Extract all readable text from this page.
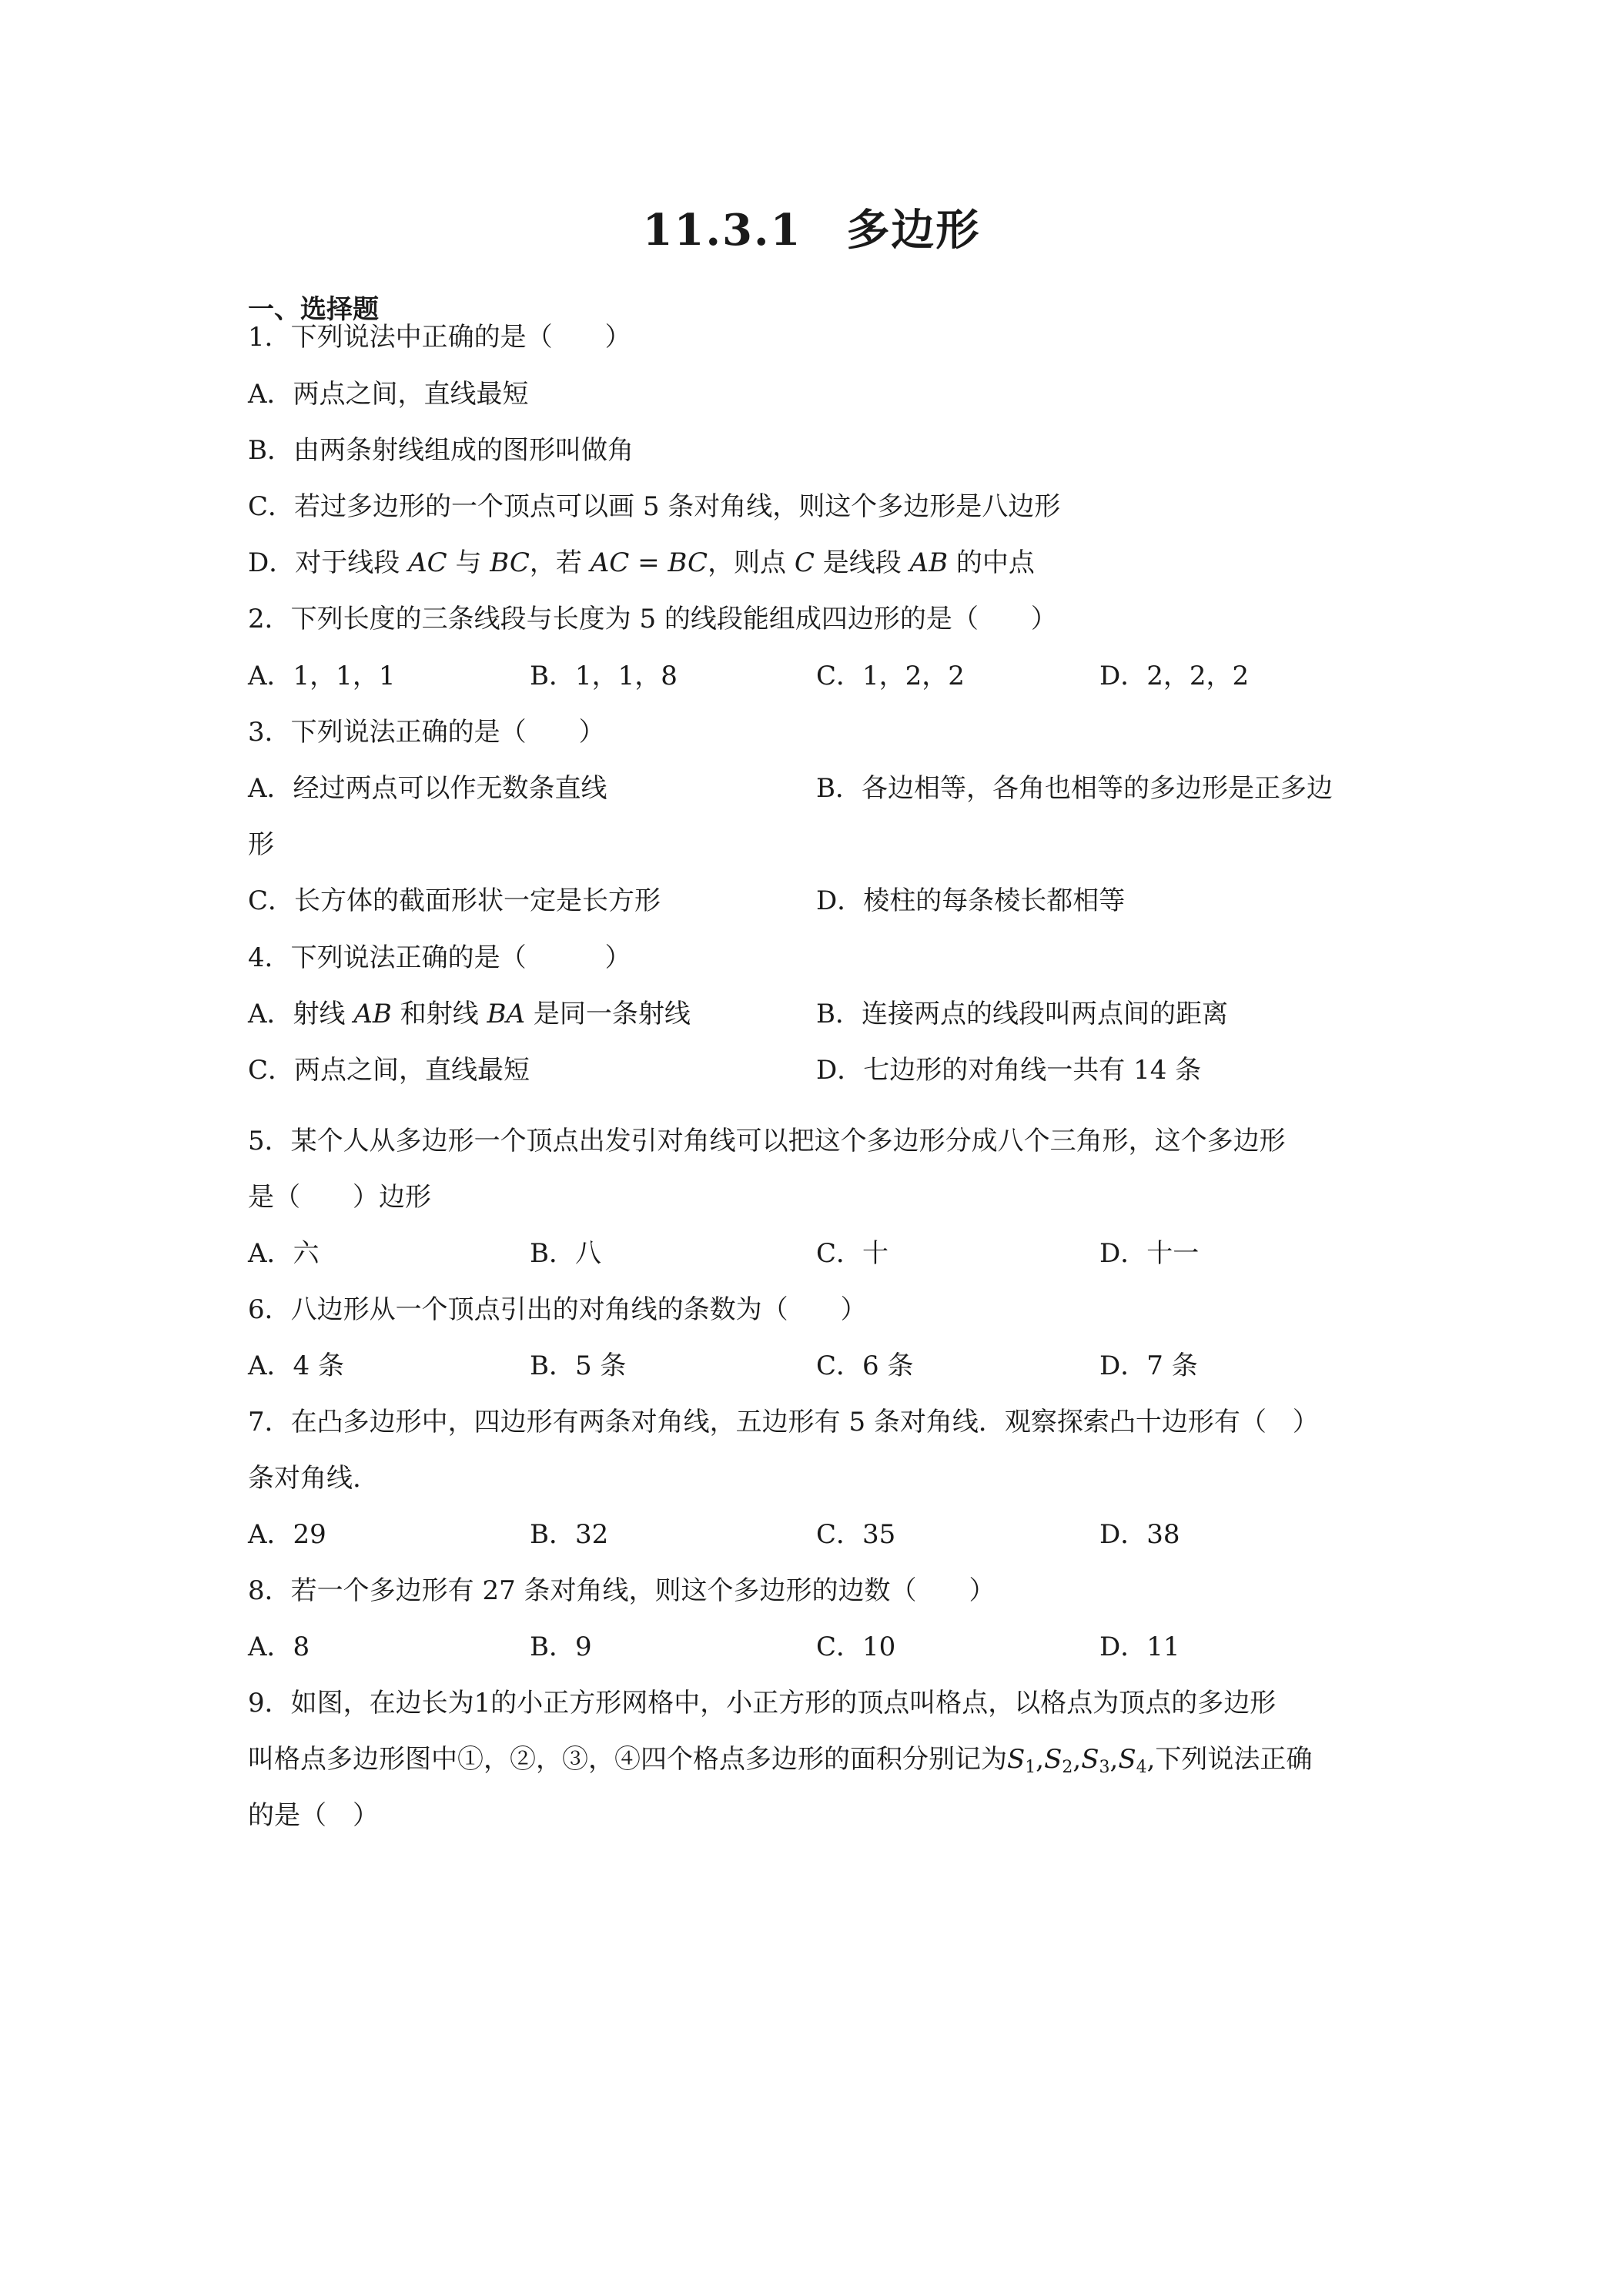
11.3.1　多边形
一、选择题
1．下列说法中正确的是（　　）
A．两点之间，直线最短
B．由两条射线组成的图形叫做角
C．若过多边形的一个顶点可以画 5 条对角线，则这个多边形是八边形
D．对于线段 AC 与 BC，若 AC = BC，则点 C 是线段 AB 的中点
2．下列长度的三条线段与长度为 5 的线段能组成四边形的是（　　）
A．1，1，1	B．1，1，8	C．1，2，2	D．2，2，2
3．下列说法正确的是（　　）
A．经过两点可以作无数条直线	B．各边相等，各角也相等的多边形是正多边
形
C．长方体的截面形状一定是长方形	D．棱柱的每条棱长都相等
4．下列说法正确的是（　　　）
A．射线 AB 和射线 BA 是同一条射线	B．连接两点的线段叫两点间的距离
C．两点之间，直线最短	D．七边形的对角线一共有 14 条
5．某个人从多边形一个顶点出发引对角线可以把这个多边形分成八个三角形，这个多边形
是（　　）边形
A．六	B．八	C．十	D．十一
6．八边形从一个顶点引出的对角线的条数为（　　）
A．4 条	B．5 条	C．6 条	D．7 条
7．在凸多边形中，四边形有两条对角线，五边形有 5 条对角线．观察探索凸十边形有（　）
条对角线.
A．29	B．32	C．35	D．38
8．若一个多边形有 27 条对角线，则这个多边形的边数（　　）
A．8	B．9	C．10	D．11
9．如图，在边长为1的小正方形网格中，小正方形的顶点叫格点，以格点为顶点的多边形
叫格点多边形图中①，②，③，④四个格点多边形的面积分别记为$S_1,S_2,S_3,S_4$,下列说法正确
的是（　）
